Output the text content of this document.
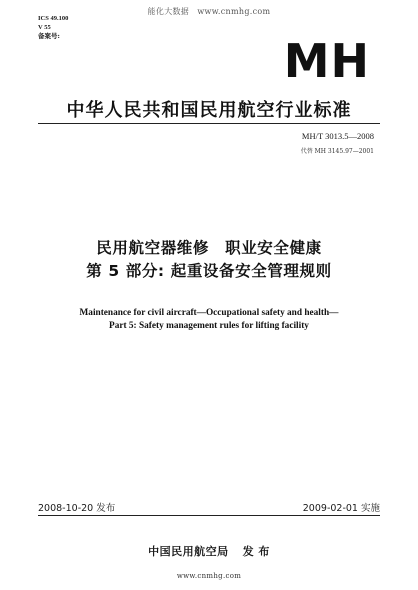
能化大数据　www.cnmhg.com
ICS 49.100
V 55
备案号:	MH
中华人民共和国民用航空行业标准
MH/T 3013.5—2008
代替 MH 3145.97—2001
民用航空器维修　职业安全健康
第 5 部分: 起重设备安全管理规则
Maintenance for civil aircraft—Occupational safety and health—
Part 5: Safety management rules for lifting facility
2008-10-20 发布	2009-02-01 实施
中国民用航空局 发 布
www.cnmhg.com
